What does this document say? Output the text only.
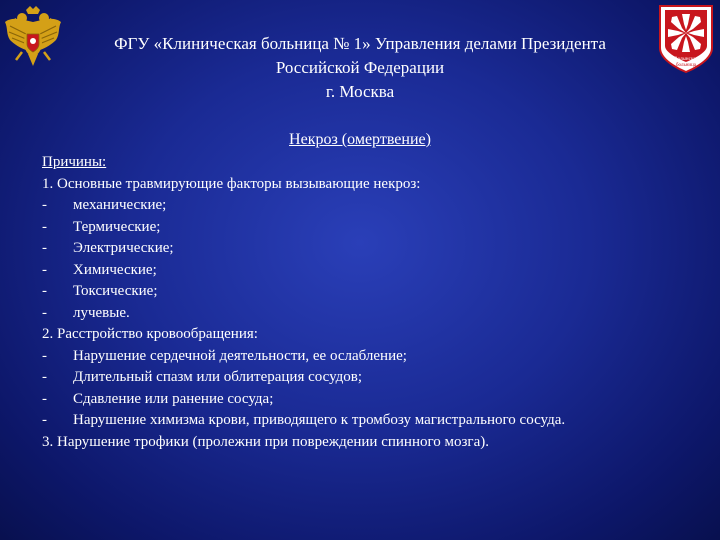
ФГУ «Клиническая больница № 1» Управления делами Президента
Российской Федерации
г. Москва
Волынская
больница
Некроз (омертвение)
Причины:
1. Основные травмирующие факторы вызывающие некроз:
-	механические;
-	Термические;
-	Электрические;
-	Химические;
-	Токсические;
-	лучевые.
2. Расстройство кровообращения:
-	Нарушение сердечной деятельности, ее ослабление;
-	Длительный спазм или облитерация сосудов;
-	Сдавление или ранение сосуда;
-	Нарушение химизма крови, приводящего к тромбозу магистрального сосуда.
3. Нарушение трофики (пролежни при повреждении спинного мозга).
